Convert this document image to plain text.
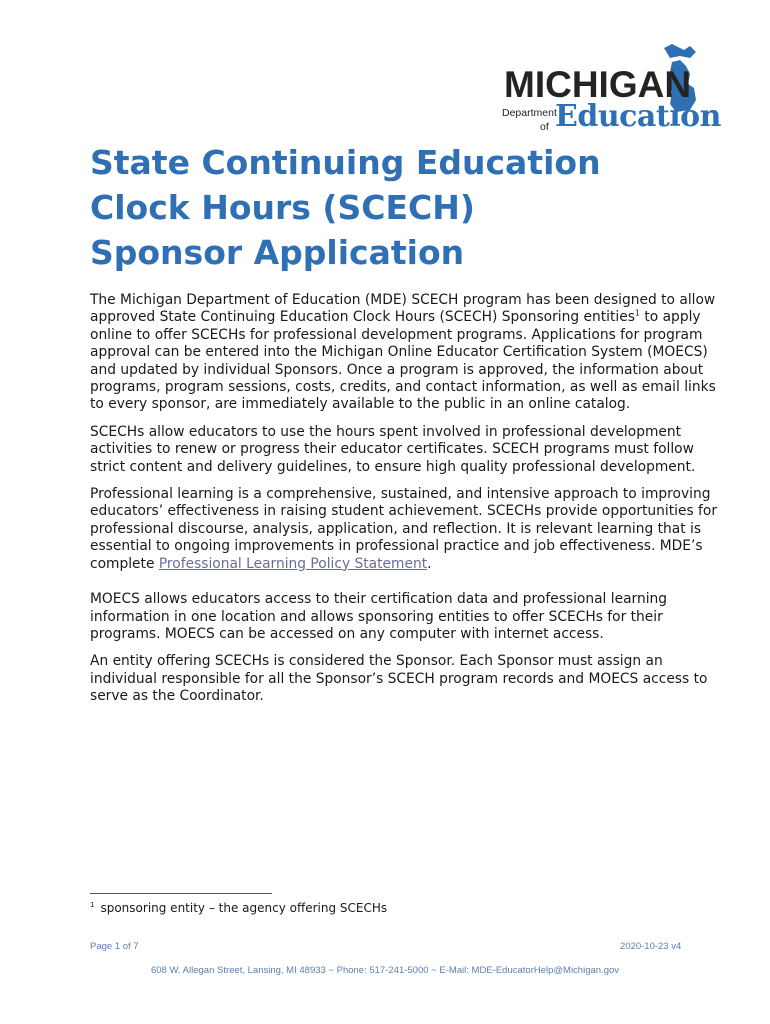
MICHIGAN
Department
of Education
State Continuing Education
Clock Hours (SCECH)
Sponsor Application

The Michigan Department of Education (MDE) SCECH program has been designed to allow approved State Continuing Education Clock Hours (SCECH) Sponsoring entities$^1$ to apply online to offer SCECHs for professional development programs. Applications for program approval can be entered into the Michigan Online Educator Certification System (MOECS) and updated by individual Sponsors. Once a program is approved, the information about programs, program sessions, costs, credits, and contact information, as well as email links to every sponsor, are immediately available to the public in an online catalog.

SCECHs allow educators to use the hours spent involved in professional development activities to renew or progress their educator certificates. SCECH programs must follow strict content and delivery guidelines, to ensure high quality professional development.

Professional learning is a comprehensive, sustained, and intensive approach to improving educators’ effectiveness in raising student achievement. SCECHs provide opportunities for professional discourse, analysis, application, and reflection. It is relevant learning that is essential to ongoing improvements in professional practice and job effectiveness. MDE’s complete Professional Learning Policy Statement.

MOECS allows educators access to their certification data and professional learning information in one location and allows sponsoring entities to offer SCECHs for their programs. MOECS can be accessed on any computer with internet access.

An entity offering SCECHs is considered the Sponsor. Each Sponsor must assign an individual responsible for all the Sponsor’s SCECH program records and MOECS access to serve as the Coordinator.

$^1$ sponsoring entity – the agency offering SCECHs
Page 1 of 7	2020-10-23 v4
608 W. Allegan Street, Lansing, MI 48933 ~ Phone: 517-241-5000 ~ E-Mail: MDE-EducatorHelp@Michigan.gov
